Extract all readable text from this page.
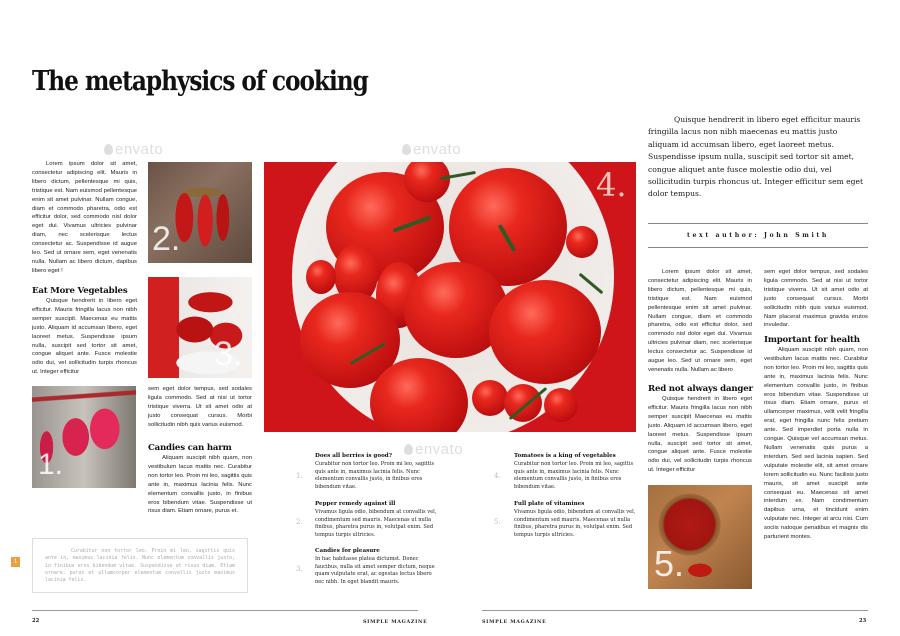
The metaphysics of cooking
envato	envato
envato
Lorem ipsum dolor sit amet, consectetur adipiscing elit. Mauris in libero dictum, pellentesque mi quis, tristique est. Nam euismod pellentesque enim sit amet pulvinar. Nullam congue, diam et commodo pharetra, odio est efficitur dolor, sed commodo nisl dolor eget dui. Vivamus ultricies pulvinar diam, nec scelerisque lectus consectetur ac. Suspendisse id augue leo. Sed ut ornare sem, eget venenatis nulla. Nullam ac libero dictum, dapibus libero eget !
Eat More Vegetables
Quisque hendrerit in libero eget efficitur. Mauris fringilla lacus non nibh semper suscipit. Maecenas eu mattis justo. Aliquam id accumsan libero, eget laoreet metus. Suspendisse ipsum nulla, suscipit sed tortor sit amet, congue aliquet ante. Fusce molestie odio dui, vel sollicitudin turpis rhoncus ut. Integer efficitur
2.
3.
1.
sem eget dolor tempus, sed sodales ligula commodo. Sed at nisi ut tortor tristique viverra. Ut sit amet odio at justo consequat cursus. Morbi sollicitudin nibh quis varius euismod.
Candies can harm
Aliquam suscipit nibh quam, non vestibulum lacus mattis nec. Curabitur non tortor leo. Proin mi leo, sagittis quis ante in, maximus lacinia felis. Nunc elementum convallis justo, in finibus eros bibendum vitae. Suspendisse ut risus diam. Etiam ornare, purus et.
1
Curabitur non tortor leo. Proin mi leo, sagittis quis ante in, maximus lacinia felis. Nunc elementum convallis justo, in finibus eros bibendum vitae. Suspendisse ut risus diam. Etiam ornare, purus et ullamcorper elementum convallis justo maximus lacinia felis.
4.
1.
Does all berries is good?
Curabitur non tortor leo. Proin mi leo, sagittis quis ante in, maximus lacinia felis. Nunc elementum convallis justo, in finibus eros bibendum vitae.
2.
Pepper remedy against ill
Vivamus ligula odio, bibendum at convallis vel, condimentum sed mauris. Maecenas ut nulla finibus, pharetra purus in, volutpat enim. Sed tempus turpis ultricies.
3.
Candies for pleasure
In hac habitasse platea dictumst. Donec faucibus, nulla sit amet semper dictum, neque quam vulputate erat, ac egestas lectus libero nec nibh. In eget blandit mauris.
4.
Tomatoes is a king of vegetables
Curabitur non tortor leo. Proin mi leo, sagittis quis ante in, maximus lacinia felis. Nunc elementum convallis justo, in finibus eros bibendum vitae.
5.
Full plate of vitamines
Vivamus ligula odio, bibendum at convallis vel, condimentum sed mauris. Maecenas ut nulla finibus, pharetra purus in, volutpat enim. Sed tempus turpis ultricies.
Quisque hendrerit in libero eget efficitur mauris fringilla lacus non nibh maecenas eu mattis justo aliquam id accumsan libero, eget laoreet metus. Suspendisse ipsum nulla, suscipit sed tortor sit amet, congue aliquet ante fusce molestie odio dui, vel sollicitudin turpis rhoncus ut. Integer efficitur sem eget dolor tempus.
text author: John Smith
Lorem ipsum dolor sit amet, consectetur adipiscing elit. Mauris in libero dictum, pellentesque mi quis, tristique est. Nam euismod pellentesque enim sit amet pulvinar. Nullam congue, diam et commodo pharetra, odio est efficitur dolor, sed commodo nisl dolor eget dui. Vivamus ultricies pulvinar diam, nec scelerisque lectus consectetur ac. Suspendisse id augue leo. Sed ut ornare sem, eget venenatis nulla. Nullam ac libero
Red not always danger
Quisque hendrerit in libero eget efficitur. Mauris fringilla lacus non nibh semper suscipit Maecenas eu mattis justo. Aliquam id accumsan libero, eget laoreet metus. Suspendisse ipsum nulla, suscipit sed tortor sit amet, congue aliquet ante. Fusce molestie odio dui, vel sollicitudin turpis rhoncus ut. Integer efficitur
5.
sem eget dolor tempus, sed sodales ligula commodo. Sed at nisi ut tortor tristique viverra. Ut sit amet odio at justo consequat cursus. Morbi sollicitudin nibh quis varius euismod. Nam placerat maximus gravida erutos invuledar.
Important for health
Aliquam suscipit nibh quam, non vestibulum lacus mattis nec. Curabitur non tortor leo. Proin mi leo, sagittis quis ante in, maximus lacinia felis. Nunc elementum convallis justo, in finibus eros bibendum vitae. Suspendisse ut risus diam. Etiam ornare, purus et ullamcorper maximus, velit velit fringilla erat, eget fringilla nunc felis pretium ante. Sed imperdiet porta nulla in congue. Quisque vel accumsan metus. Nullam venenatis quis purus a interdum. Sed sed lacinia sapien. Sed vulputate molestie elit, sit amet ornare lorem sollicitudin eu. Nunc facilisis justo mauris, sit amet suscipit ante consequat eu. Maecenas sit amet interdum ex. Nam condimentum dapibus urna, et tincidunt enim vulputate nec. Integer at arcu nisi. Cum sociis natoque penatibus et magnis dis parturient montes.
22	SIMPLE MAGAZINE	SIMPLE MAGAZINE	23
